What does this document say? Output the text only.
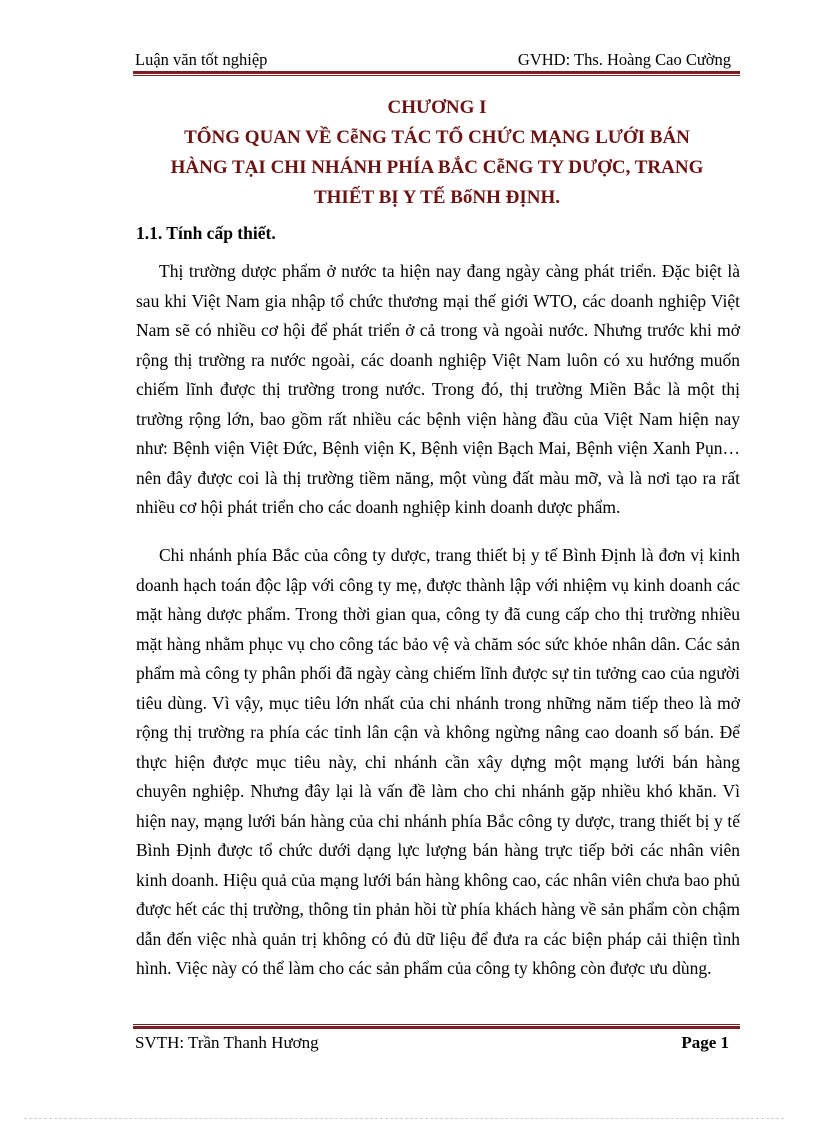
Luận văn tốt nghiệp	GVHD: Ths. Hoàng Cao Cường
CHƯƠNG I
TỔNG QUAN VỀ CễNG TÁC TỔ CHỨC MẠNG LƯỚI BÁN
HÀNG TẠI CHI NHÁNH PHÍA BẮC CễNG TY DƯỢC, TRANG
THIẾT BỊ Y TẾ BốNH ĐỊNH.
1.1. Tính cấp thiết.

Thị trường dược phẩm ở nước ta hiện nay đang ngày càng phát triển. Đặc biệt là sau khi Việt Nam gia nhập tổ chức thương mại thế giới WTO, các doanh nghiệp Việt Nam sẽ có nhiều cơ hội để phát triển ở cả trong và ngoài nước. Nhưng trước khi mở rộng thị trường ra nước ngoài, các doanh nghiệp Việt Nam luôn có xu hướng muốn chiếm lĩnh được thị trường trong nước. Trong đó, thị trường Miền Bắc là một thị trường rộng lớn, bao gồm rất nhiều các bệnh viện hàng đầu của Việt Nam hiện nay như: Bệnh viện Việt Đức, Bệnh viện K, Bệnh viện Bạch Mai, Bệnh viện Xanh Pụn… nên đây được coi là thị trường tiềm năng, một vùng đất màu mỡ, và là nơi tạo ra rất nhiều cơ hội phát triển cho các doanh nghiệp kinh doanh dược phẩm.

Chi nhánh phía Bắc của công ty dược, trang thiết bị y tế Bình Định là đơn vị kinh doanh hạch toán độc lập với công ty mẹ, được thành lập với nhiệm vụ kinh doanh các mặt hàng dược phẩm. Trong thời gian qua, công ty đã cung cấp cho thị trường nhiều mặt hàng nhằm phục vụ cho công tác bảo vệ và chăm sóc sức khỏe nhân dân. Các sản phẩm mà công ty phân phối đã ngày càng chiếm lĩnh được sự tin tưởng cao của người tiêu dùng. Vì vậy, mục tiêu lớn nhất của chi nhánh trong những năm tiếp theo là mở rộng thị trường ra phía các tỉnh lân cận và không ngừng nâng cao doanh số bán. Để thực hiện được mục tiêu này, chi nhánh cần xây dựng một mạng lưới bán hàng chuyên nghiệp. Nhưng đây lại là vấn đề làm cho chi nhánh gặp nhiều khó khăn. Vì hiện nay, mạng lưới bán hàng của chi nhánh phía Bắc công ty dược, trang thiết bị y tế Bình Định được tổ chức dưới dạng lực lượng bán hàng trực tiếp bởi các nhân viên kinh doanh. Hiệu quả của mạng lưới bán hàng không cao, các nhân viên chưa bao phủ được hết các thị trường, thông tin phản hồi từ phía khách hàng về sản phẩm còn chậm dẫn đến việc nhà quản trị không có đủ dữ liệu để đưa ra các biện pháp cải thiện tình hình. Việc này có thể làm cho các sản phẩm của công ty không còn được ưu dùng.

SVTH: Trần Thanh Hương	Page 1
